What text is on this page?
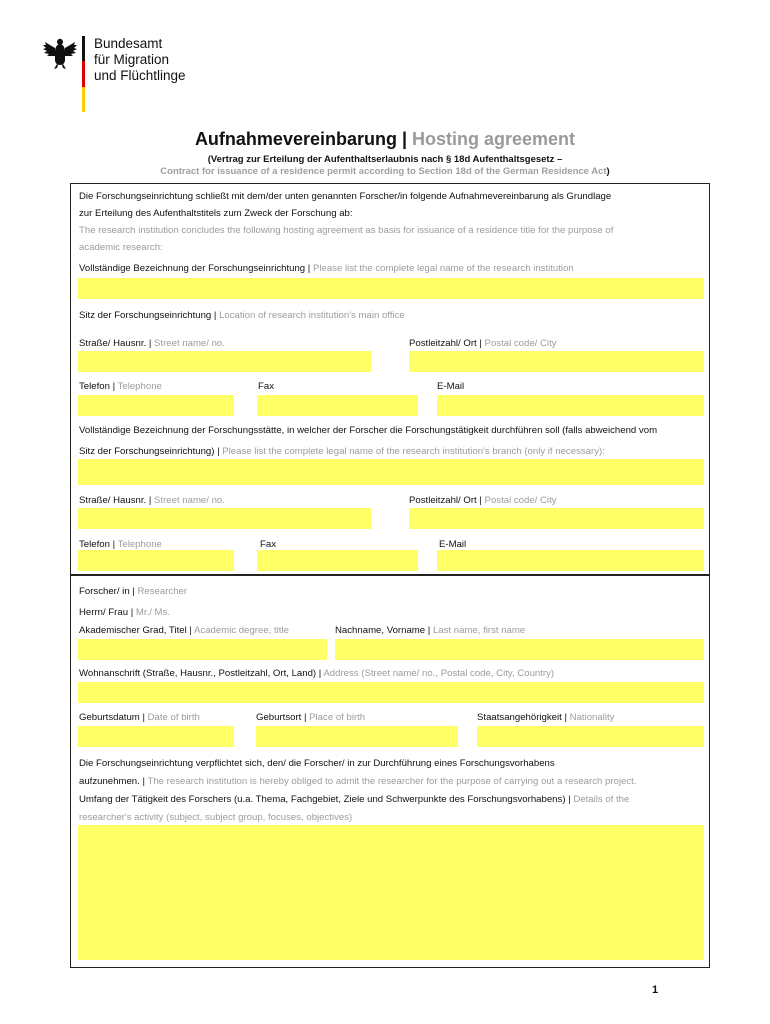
Bundesamt
für Migration
und Flüchtlinge
Aufnahmevereinbarung | Hosting agreement
(Vertrag zur Erteilung der Aufenthaltserlaubnis nach § 18d Aufenthaltsgesetz –
Contract for issuance of a residence permit according to Section 18d of the German Residence Act)
Die Forschungseinrichtung schließt mit dem/der unten genannten Forscher/in folgende Aufnahmevereinbarung als Grundlage
zur Erteilung des Aufenthaltstitels zum Zweck der Forschung ab:
The research institution concludes the following hosting agreement as basis for issuance of a residence title for the purpose of
academic research:
Vollständige Bezeichnung der Forschungseinrichtung | Please list the complete legal name of the research institution
Sitz der Forschungseinrichtung | Location of research institution's main office
Straße/ Hausnr. | Street name/ no.	Postleitzahl/ Ort | Postal code/ City
Telefon | Telephone	Fax	E-Mail
Vollständige Bezeichnung der Forschungsstätte, in welcher der Forscher die Forschungstätigkeit durchführen soll (falls abweichend vom
Sitz der Forschungseinrichtung) | Please list the complete legal name of the research institution's branch (only if necessary):
Straße/ Hausnr. | Street name/ no.	Postleitzahl/ Ort | Postal code/ City
Telefon | Telephone	Fax	E-Mail
Forscher/ in | Researcher
Herrn/ Frau | Mr./ Ms.
Akademischer Grad, Titel | Academic degree, title	Nachname, Vorname | Last name, first name
Wohnanschrift (Straße, Hausnr., Postleitzahl, Ort, Land) | Address (Street name/ no., Postal code, City, Country)
Geburtsdatum | Date of birth	Geburtsort | Place of birth	Staatsangehörigkeit | Nationality
Die Forschungseinrichtung verpflichtet sich, den/ die Forscher/ in zur Durchführung eines Forschungsvorhabens
aufzunehmen. | The research institution is hereby obliged to admit the researcher for the purpose of carrying out a research project.
Umfang der Tätigkeit des Forschers (u.a. Thema, Fachgebiet, Ziele und Schwerpunkte des Forschungsvorhabens) | Details of the
researcher's activity (subject, subject group, focuses, objectives)
1
